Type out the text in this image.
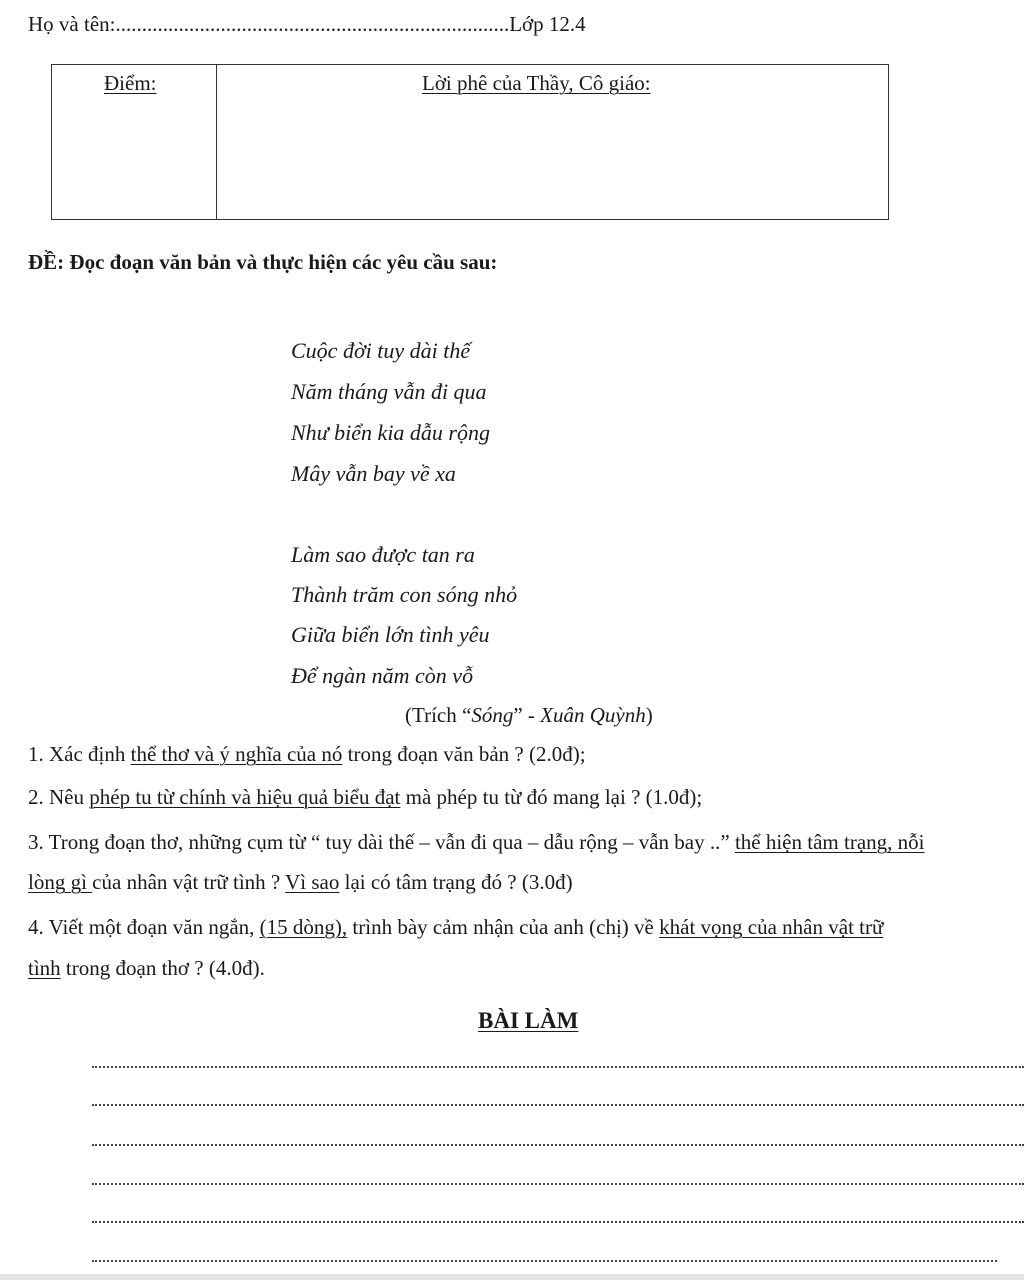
Họ và tên:...........................................................................Lớp 12.4
Điểm:	Lời phê của Thầy, Cô giáo:
ĐỀ: Đọc đoạn văn bản và thực hiện các yêu cầu sau:
Cuộc đời tuy dài thế
Năm tháng vẫn đi qua
Như biển kia dẫu rộng
Mây vẫn bay về xa
Làm sao được tan ra
Thành trăm con sóng nhỏ
Giữa biển lớn tình yêu
Để ngàn năm còn vỗ
(Trích “Sóng” - Xuân Quỳnh)
1. Xác định thể thơ và ý nghĩa của nó trong đoạn văn bản ? (2.0đ);
2. Nêu phép tu từ chính và hiệu quả biểu đạt mà phép tu từ đó mang lại ? (1.0đ);
3. Trong đoạn thơ, những cụm từ “ tuy dài thế – vẫn đi qua – dẫu rộng – vẫn bay ..” thể hiện tâm trạng, nỗi
lòng gì của nhân vật trữ tình ? Vì sao lại có tâm trạng đó ? (3.0đ)
4. Viết một đoạn văn ngắn, (15 dòng), trình bày cảm nhận của anh (chị) về khát vọng của nhân vật trữ
tình trong đoạn thơ ? (4.0đ).
BÀI LÀM
